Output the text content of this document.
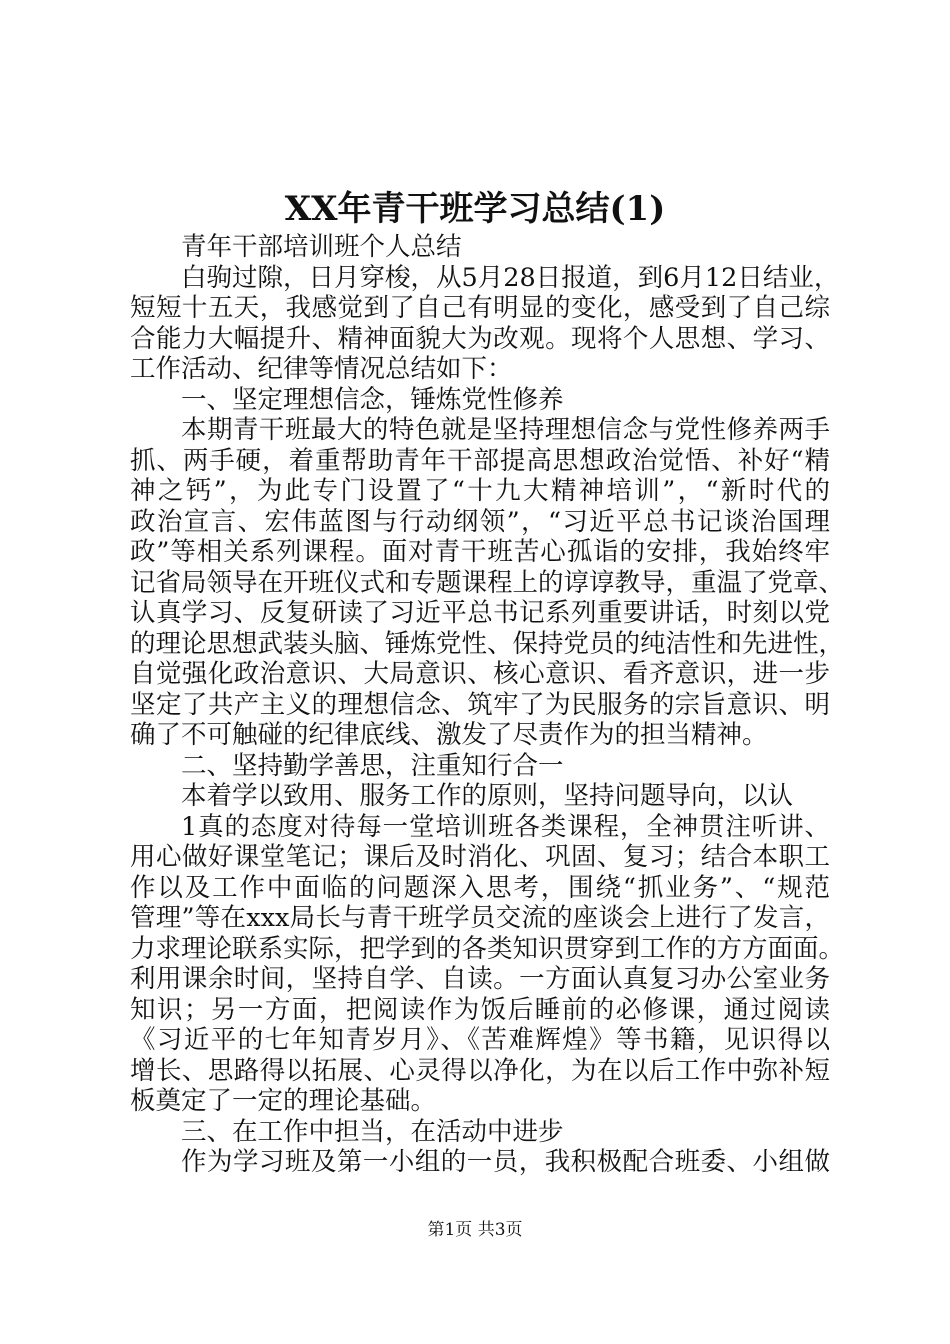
XX年青干班学习总结(1)
青年干部培训班个人总结
白驹过隙，日月穿梭，从5月28日报道，到6月12日结业，
短短十五天，我感觉到了自己有明显的变化，感受到了自己综
合能力大幅提升、精神面貌大为改观。现将个人思想、学习、
工作活动、纪律等情况总结如下：
一、坚定理想信念，锤炼党性修养
本期青干班最大的特色就是坚持理想信念与党性修养两手
抓、两手硬，着重帮助青年干部提高思想政治觉悟、补好“精
神之钙”，为此专门设置了“十九大精神培训”，“新时代的
政治宣言、宏伟蓝图与行动纲领”，“习近平总书记谈治国理
政”等相关系列课程。面对青干班苦心孤诣的安排，我始终牢
记省局领导在开班仪式和专题课程上的谆谆教导，重温了党章、
认真学习、反复研读了习近平总书记系列重要讲话，时刻以党
的理论思想武装头脑、锤炼党性、保持党员的纯洁性和先进性，
自觉强化政治意识、大局意识、核心意识、看齐意识，进一步
坚定了共产主义的理想信念、筑牢了为民服务的宗旨意识、明
确了不可触碰的纪律底线、激发了尽责作为的担当精神。
二、坚持勤学善思，注重知行合一
本着学以致用、服务工作的原则，坚持问题导向，以认
1真的态度对待每一堂培训班各类课程，全神贯注听讲、
用心做好课堂笔记；课后及时消化、巩固、复习；结合本职工
作以及工作中面临的问题深入思考，围绕“抓业务”、“规范
管理”等在xxx局长与青干班学员交流的座谈会上进行了发言，
力求理论联系实际，把学到的各类知识贯穿到工作的方方面面。
利用课余时间，坚持自学、自读。一方面认真复习办公室业务
知识；另一方面，把阅读作为饭后睡前的必修课，通过阅读
《习近平的七年知青岁月》、《苦难辉煌》等书籍，见识得以
增长、思路得以拓展、心灵得以净化，为在以后工作中弥补短
板奠定了一定的理论基础。
三、在工作中担当，在活动中进步
作为学习班及第一小组的一员，我积极配合班委、小组做
第1页 共3页
